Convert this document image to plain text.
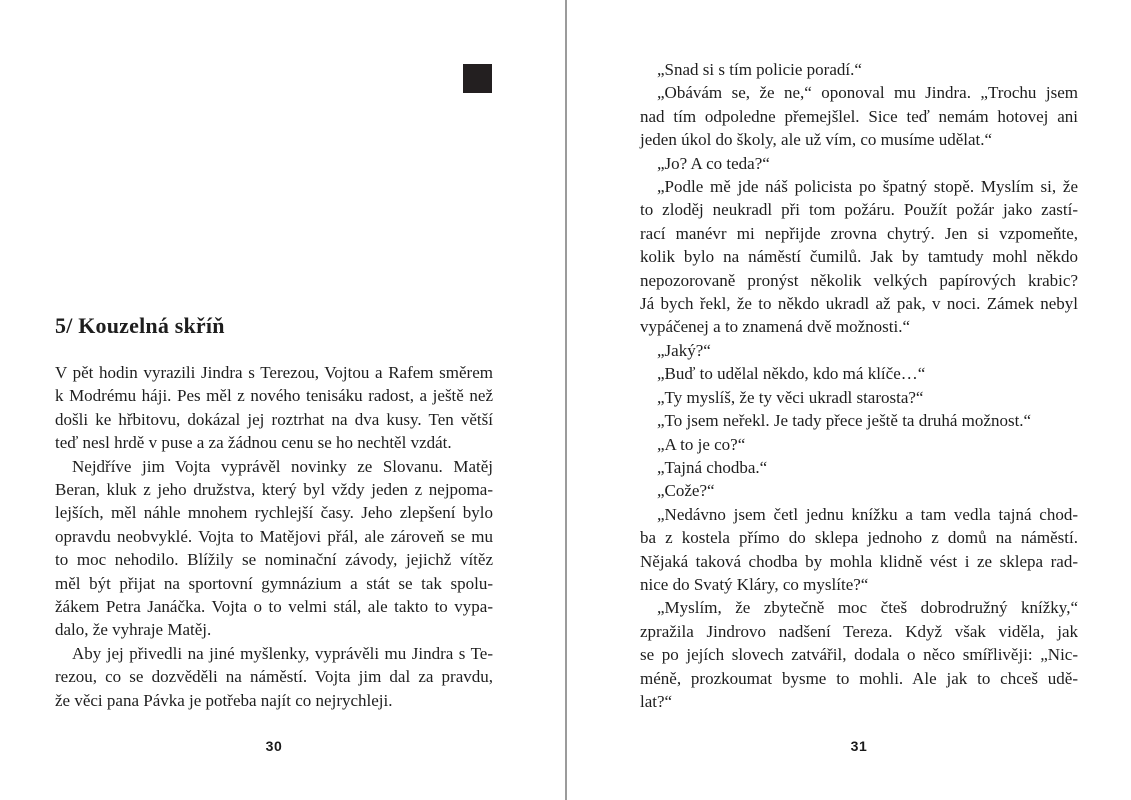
5/ Kouzelná skříň
V pět hodin vyrazili Jindra s Terezou, Vojtou a Rafem směrem
k Modrému háji. Pes měl z nového tenisáku radost, a ještě než
došli ke hřbitovu, dokázal jej roztrhat na dva kusy. Ten větší
teď nesl hrdě v puse a za žádnou cenu se ho nechtěl vzdát.
Nejdříve jim Vojta vyprávěl novinky ze Slovanu. Matěj
Beran, kluk z jeho družstva, který byl vždy jeden z nejpoma-
lejších, měl náhle mnohem rychlejší časy. Jeho zlepšení bylo
opravdu neobvyklé. Vojta to Matějovi přál, ale zároveň se mu
to moc nehodilo. Blížily se nominační závody, jejichž vítěz
měl být přijat na sportovní gymnázium a stát se tak spolu-
žákem Petra Janáčka. Vojta o to velmi stál, ale takto to vypa-
dalo, že vyhraje Matěj.
Aby jej přivedli na jiné myšlenky, vyprávěli mu Jindra s Te-
rezou, co se dozvěděli na náměstí. Vojta jim dal za pravdu,
že věci pana Pávka je potřeba najít co nejrychleji.
30
„Snad si s tím policie poradí.“
„Obávám se, že ne,“ oponoval mu Jindra. „Trochu jsem
nad tím odpoledne přemejšlel. Sice teď nemám hotovej ani
jeden úkol do školy, ale už vím, co musíme udělat.“
„Jo? A co teda?“
„Podle mě jde náš policista po špatný stopě. Myslím si, že
to zloděj neukradl při tom požáru. Použít požár jako zastí-
rací manévr mi nepřijde zrovna chytrý. Jen si vzpomeňte,
kolik bylo na náměstí čumilů. Jak by tamtudy mohl někdo
nepozorovaně pronýst několik velkých papírových krabic?
Já bych řekl, že to někdo ukradl až pak, v noci. Zámek nebyl
vypáčenej a to znamená dvě možnosti.“
„Jaký?“
„Buď to udělal někdo, kdo má klíče…“
„Ty myslíš, že ty věci ukradl starosta?“
„To jsem neřekl. Je tady přece ještě ta druhá možnost.“
„A to je co?“
„Tajná chodba.“
„Cože?“
„Nedávno jsem četl jednu knížku a tam vedla tajná chod-
ba z kostela přímo do sklepa jednoho z domů na náměstí.
Nějaká taková chodba by mohla klidně vést i ze sklepa rad-
nice do Svatý Kláry, co myslíte?“
„Myslím, že zbytečně moc čteš dobrodružný knížky,“
zpražila Jindrovo nadšení Tereza. Když však viděla, jak
se po jejích slovech zatvářil, dodala o něco smířlivěji: „Nic-
méně, prozkoumat bysme to mohli. Ale jak to chceš udě-
lat?“
31
